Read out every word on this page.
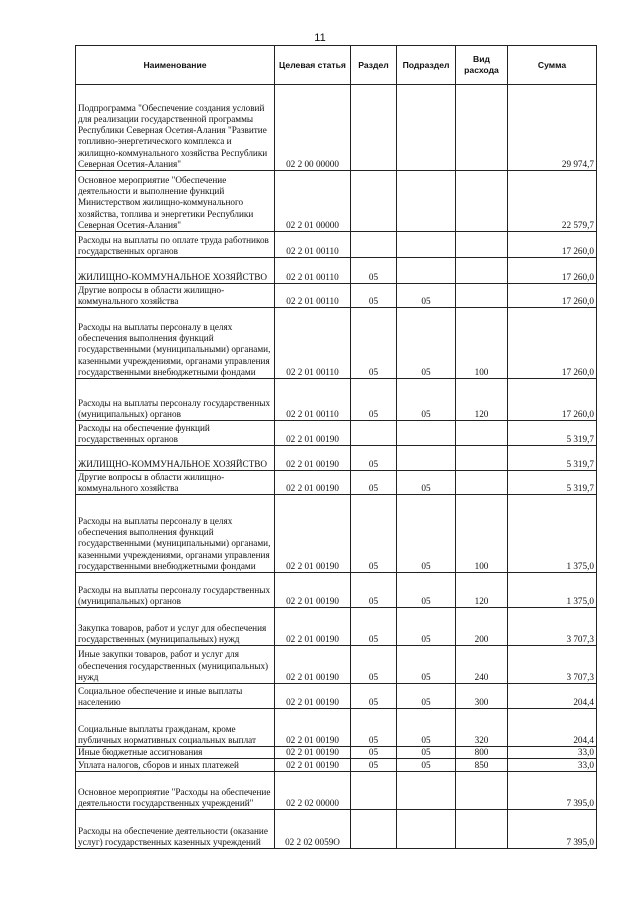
11
Наименование	Целевая статья	Раздел	Подраздел	Вид расхода	Сумма
Подпрограмма "Обеспечение создания условий для реализации государственной программы Республики Северная Осетия-Алания "Развитие топливно-энергетического комплекса и жилищно-коммунального хозяйства Республики Северная Осетия-Алания"	02 2 00 00000				29 974,7
Основное мероприятие "Обеспечение деятельности и выполнение функций Министерством жилищно-коммунального хозяйства, топлива и энергетики Республики Северная Осетия-Алания"	02 2 01 00000				22 579,7
Расходы на выплаты по оплате труда работников государственных органов	02 2 01 00110				17 260,0
ЖИЛИЩНО-КОММУНАЛЬНОЕ ХОЗЯЙСТВО	02 2 01 00110	05			17 260,0
Другие вопросы в области жилищно-коммунального хозяйства	02 2 01 00110	05	05		17 260,0
Расходы на выплаты персоналу в целях обеспечения выполнения функций государственными (муниципальными) органами, казенными учреждениями, органами управления государственными внебюджетными фондами	02 2 01 00110	05	05	100	17 260,0
Расходы на выплаты персоналу государственных (муниципальных) органов	02 2 01 00110	05	05	120	17 260,0
Расходы на обеспечение функций государственных органов	02 2 01 00190				5 319,7
ЖИЛИЩНО-КОММУНАЛЬНОЕ ХОЗЯЙСТВО	02 2 01 00190	05			5 319,7
Другие вопросы в области жилищно-коммунального хозяйства	02 2 01 00190	05	05		5 319,7
Расходы на выплаты персоналу в целях обеспечения выполнения функций государственными (муниципальными) органами, казенными учреждениями, органами управления государственными внебюджетными фондами	02 2 01 00190	05	05	100	1 375,0
Расходы на выплаты персоналу государственных (муниципальных) органов	02 2 01 00190	05	05	120	1 375,0
Закупка товаров, работ и услуг для обеспечения государственных (муниципальных) нужд	02 2 01 00190	05	05	200	3 707,3
Иные закупки товаров, работ и услуг для обеспечения государственных (муниципальных) нужд	02 2 01 00190	05	05	240	3 707,3
Социальное обеспечение и иные выплаты населению	02 2 01 00190	05	05	300	204,4
Социальные выплаты гражданам, кроме публичных нормативных социальных выплат	02 2 01 00190	05	05	320	204,4
Иные бюджетные ассигнования	02 2 01 00190	05	05	800	33,0
Уплата налогов, сборов и иных платежей	02 2 01 00190	05	05	850	33,0
Основное мероприятие "Расходы на обеспечение деятельности государственных учреждений"	02 2 02 00000				7 395,0
Расходы на обеспечение деятельности (оказание услуг) государственных казенных учреждений	02 2 02 0059О				7 395,0
